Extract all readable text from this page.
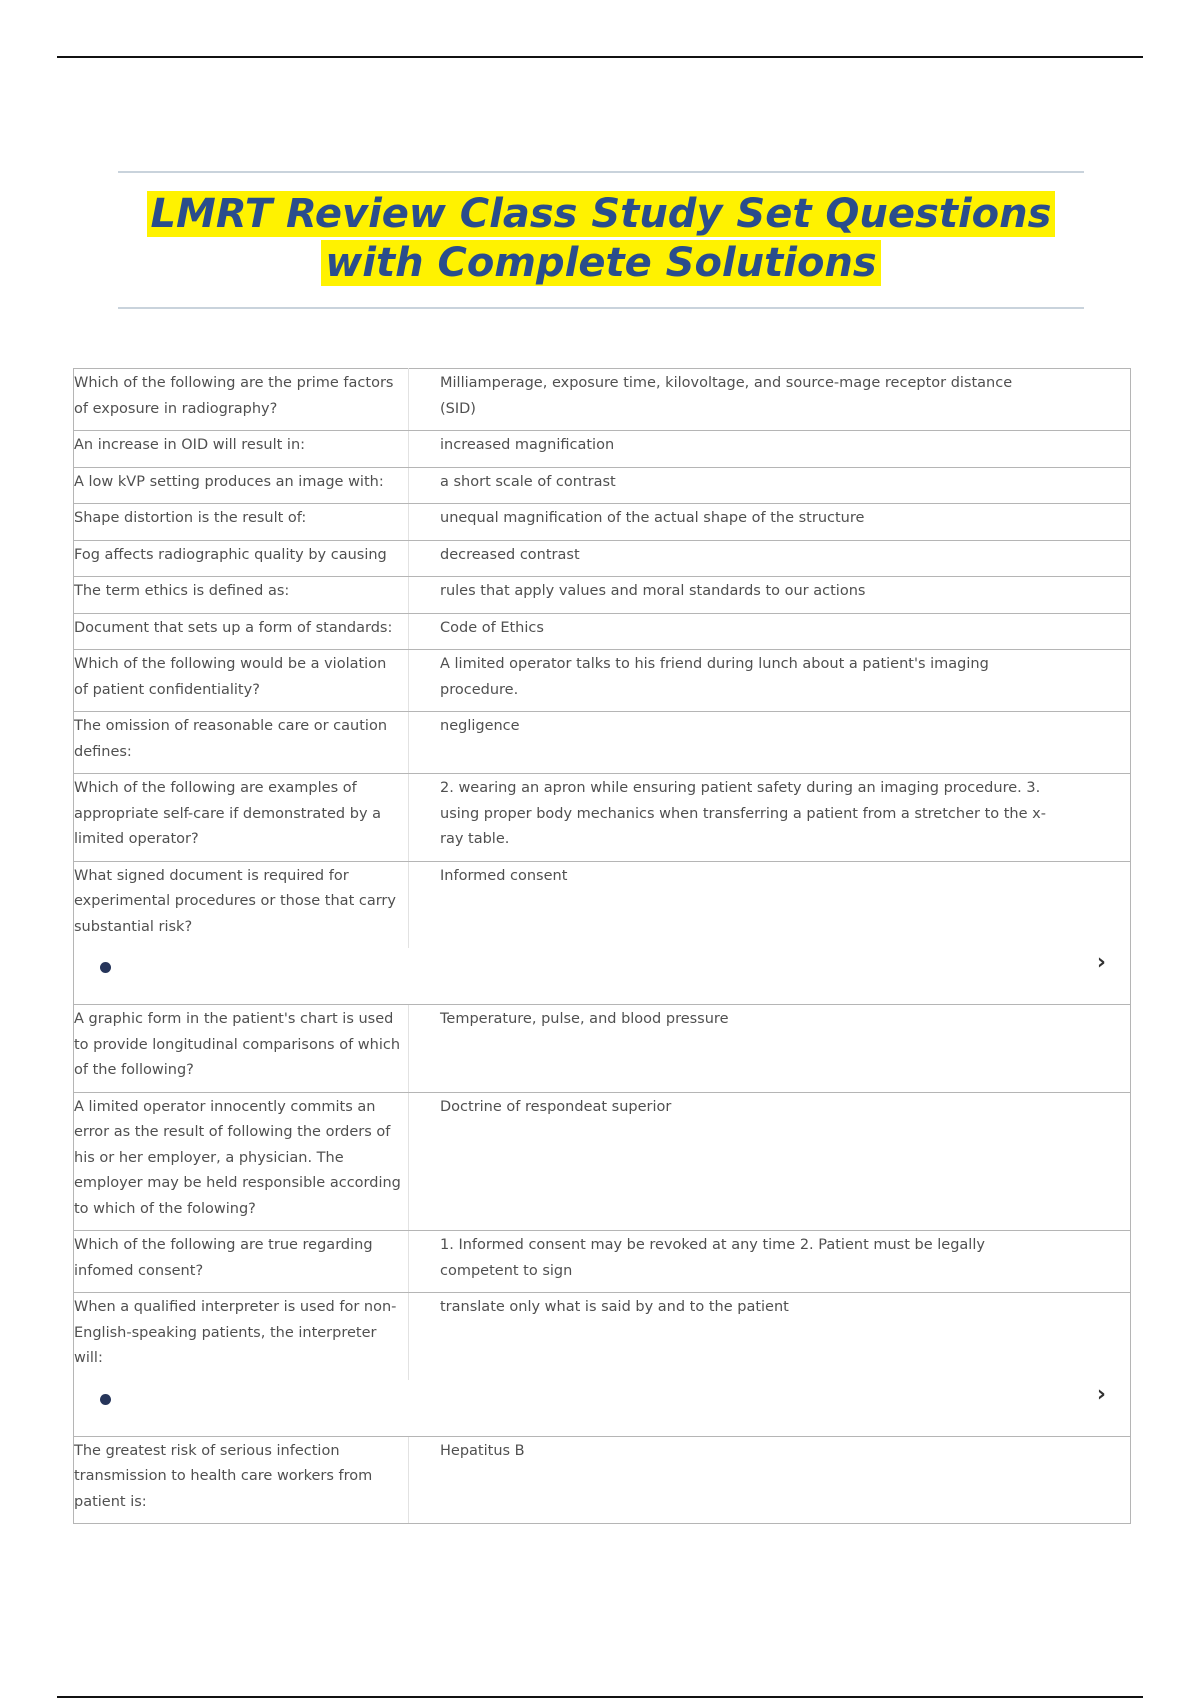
LMRT Review Class Study Set Questions
with Complete Solutions
Which of the following are the prime factors of exposure in radiography?	Milliamperage, exposure time, kilovoltage, and source-mage receptor distance (SID)
An increase in OID will result in:	increased magnification
A low kVP setting produces an image with:	a short scale of contrast
Shape distortion is the result of:	unequal magnification of the actual shape of the structure
Fog affects radiographic quality by causing	decreased contrast
The term ethics is defined as:	rules that apply values and moral standards to our actions
Document that sets up a form of standards:	Code of Ethics
Which of the following would be a violation of patient confidentiality?	A limited operator talks to his friend during lunch about a patient's imaging procedure.
The omission of reasonable care or caution defines:	negligence
Which of the following are examples of appropriate self-care if demonstrated by a limited operator?	2. wearing an apron while ensuring patient safety during an imaging procedure. 3. using proper body mechanics when transferring a patient from a stretcher to the x-ray table.

What signed document is required for experimental procedures or those that carry substantial risk?	Informed consent
›

A graphic form in the patient's chart is used to provide longitudinal comparisons of which of the following?	Temperature, pulse, and blood pressure
A limited operator innocently commits an error as the result of following the orders of his or her employer, a physician. The employer may be held responsible according to which of the folowing?	Doctrine of respondeat superior
Which of the following are true regarding infomed consent?	1. Informed consent may be revoked at any time 2. Patient must be legally competent to sign

When a qualified interpreter is used for non-English-speaking patients, the interpreter will:	translate only what is said by and to the patient
›

The greatest risk of serious infection transmission to health care workers from patient is:	Hepatitus B
